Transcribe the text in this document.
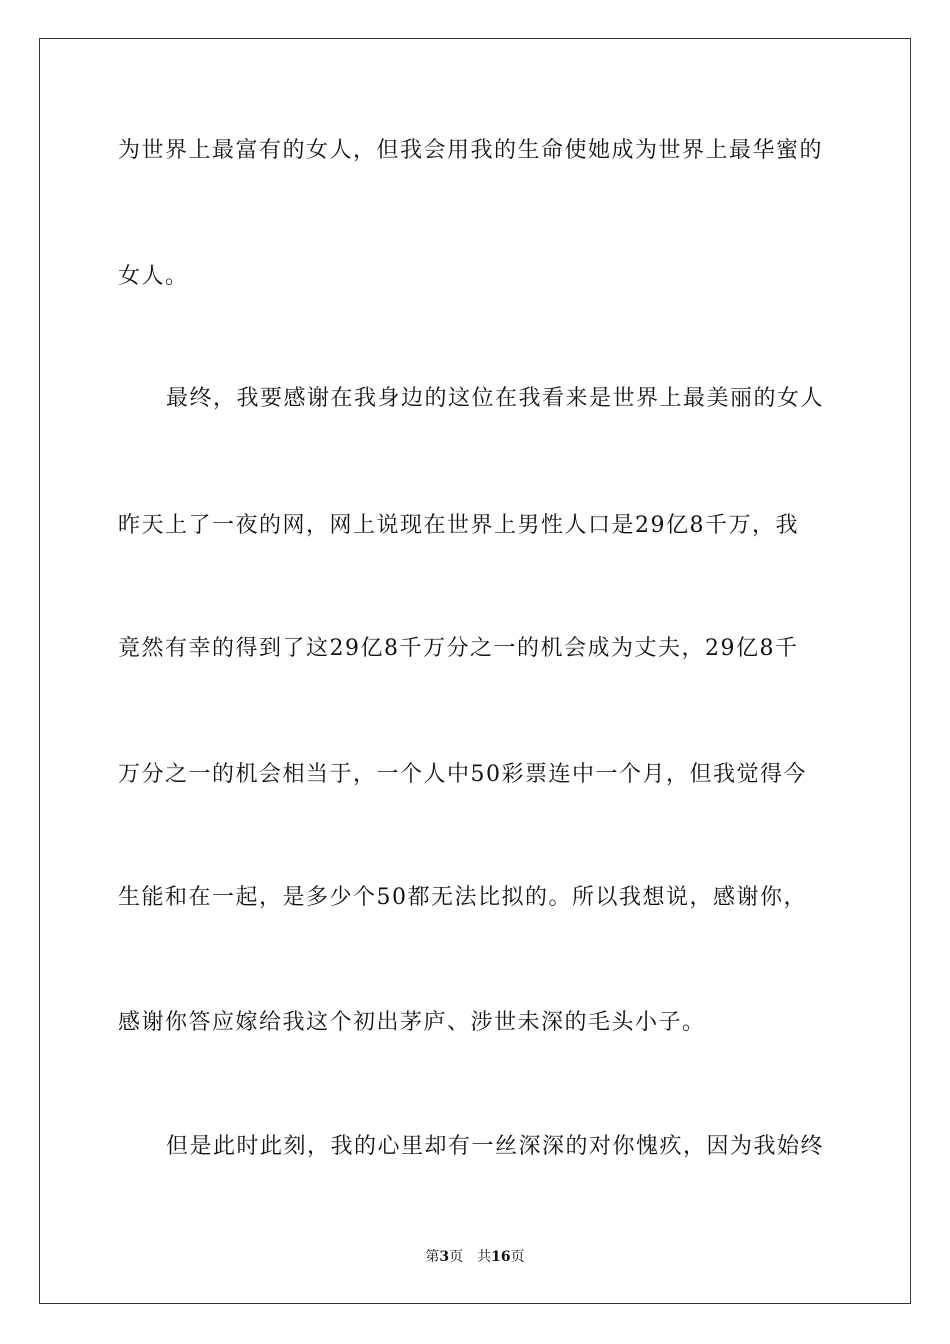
为世界上最富有的女人，但我会用我的生命使她成为世界上最华蜜的
女人。
最终，我要感谢在我身边的这位在我看来是世界上最美丽的女人
昨天上了一夜的网，网上说现在世界上男性人口是29亿8千万，我
竟然有幸的得到了这29亿8千万分之一的机会成为丈夫，29亿8千
万分之一的机会相当于，一个人中50彩票连中一个月，但我觉得今
生能和在一起，是多少个50都无法比拟的。所以我想说，感谢你，
感谢你答应嫁给我这个初出茅庐、涉世未深的毛头小子。
但是此时此刻，我的心里却有一丝深深的对你愧疚，因为我始终
第3页 共16页
